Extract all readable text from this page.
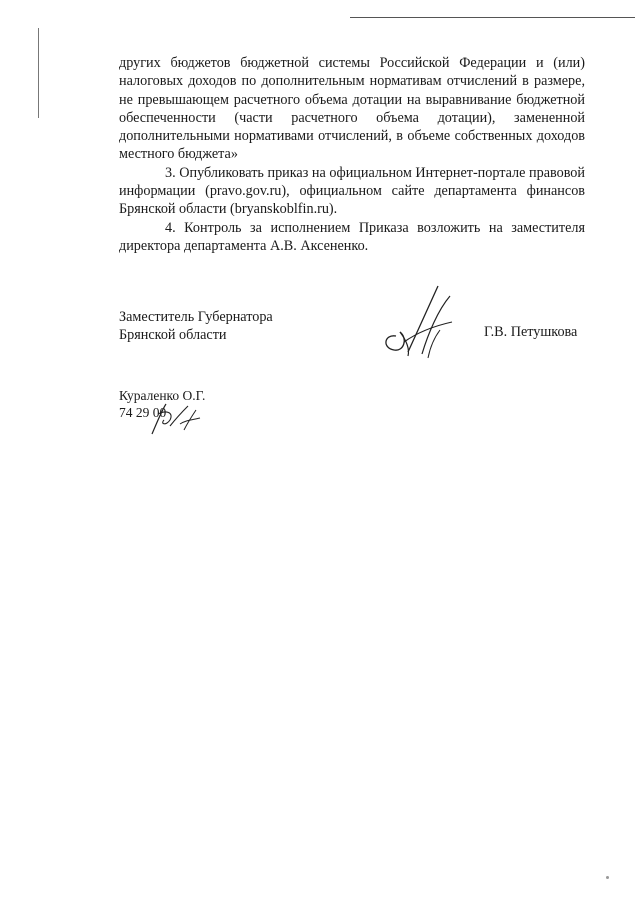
других бюджетов бюджетной системы Российской Федерации и (или) налоговых доходов по дополнительным нормативам отчислений в размере, не превышающем расчетного объема дотации на выравнивание бюджетной обеспеченности (части расчетного объема дотации), замененной дополнительными нормативами отчислений, в объеме собственных доходов местного бюджета»

3. Опубликовать приказ на официальном Интернет-портале правовой информации (pravo.gov.ru), официальном сайте департамента финансов Брянской области (bryanskoblfin.ru).

4. Контроль за исполнением Приказа возложить на заместителя директора департамента А.В. Аксененко.

Заместитель Губернатора
Брянской области	Г.В. Петушкова
Кураленко О.Г.
74 29 00
